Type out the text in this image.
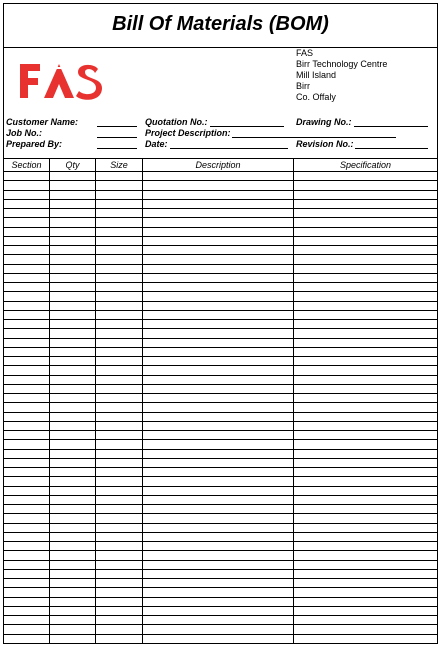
Bill Of Materials (BOM)
FAS
Birr Technology Centre
Mill Island
Birr
Co. Offaly
Customer Name:	Quotation No.:	Drawing No.:
Job No.:	Project Description:
Prepared By:	Date:	Revision No.:
Section	Qty	Size	Description	Specification
